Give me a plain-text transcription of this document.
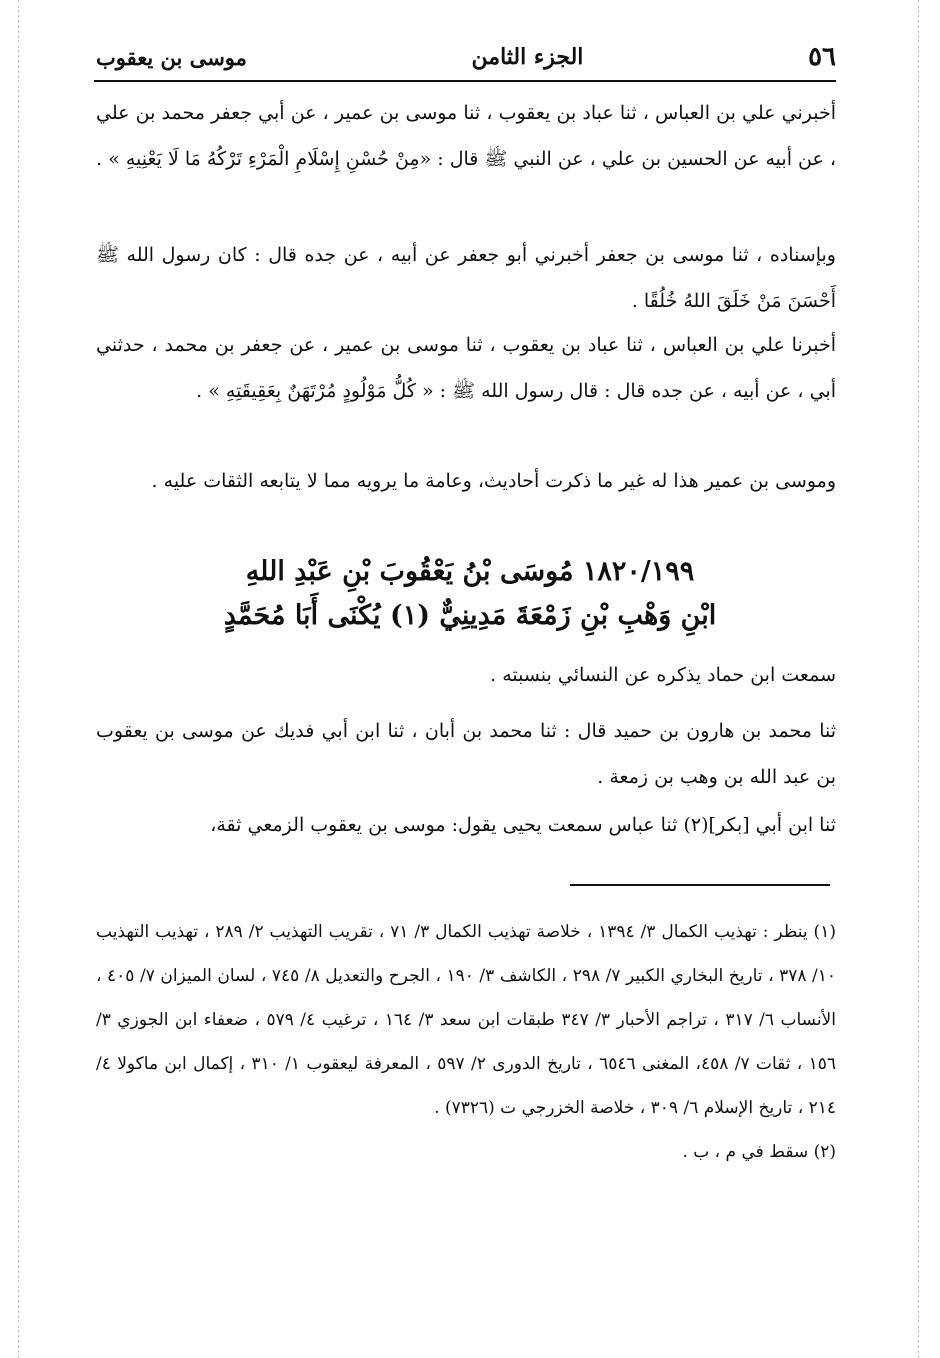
٥٦
الجزء الثامن
موسى بن يعقوب

أخبرني علي بن العباس ، ثنا عباد بن يعقوب ، ثنا موسى بن عمير ، عن أبي جعفر محمد بن علي ، عن أبيه عن الحسين بن علي ، عن النبي ﷺ قال : «مِنْ حُسْنِ إِسْلَامِ الْمَرْءِ تَرْكُهُ مَا لَا يَعْنِيهِ » .

وبإسناده ، ثنا موسى بن جعفر أخبرني أبو جعفر عن أبيه ، عن جده قال : كان رسول الله ﷺ أَحْسَنَ مَنْ خَلَقَ اللهُ خُلُقًا .

أخبرنا علي بن العباس ، ثنا عباد بن يعقوب ، ثنا موسى بن عمير ، عن جعفر بن محمد ، حدثني أبي ، عن أبيه ، عن جده قال : قال رسول الله ﷺ : « كُلُّ مَوْلُودٍ مُرْتَهَنٌ بِعَقِيقَتِهِ » .

وموسى بن عمير هذا له غير ما ذكرت أحاديث، وعامة ما يرويه مما لا يتابعه الثقات عليه .

١٨٢٠/١٩٩ مُوسَى بْنُ يَعْقُوبَ بْنِ عَبْدِ اللهِ
ابْنِ وَهْبِ بْنِ زَمْعَةَ مَدِينِيٌّ (١) يُكْنَى أَبَا مُحَمَّدٍ

سمعت ابن حماد يذكره عن النسائي بنسبته .

ثنا محمد بن هارون بن حميد قال : ثنا محمد بن أبان ، ثنا ابن أبي فديك عن موسى بن يعقوب بن عبد الله بن وهب بن زمعة .

ثنا ابن أبي [بكر](٢) ثنا عباس سمعت يحيى يقول: موسى بن يعقوب الزمعي ثقة،

(١) ينظر : تهذيب الكمال ٣/ ١٣٩٤ ، خلاصة تهذيب الكمال ٣/ ٧١ ، تقريب التهذيب ٢/ ٢٨٩ ، تهذيب التهذيب ١٠/ ٣٧٨ ، تاريخ البخاري الكبير ٧/ ٢٩٨ ، الكاشف ٣/ ١٩٠ ، الجرح والتعديل ٨/ ٧٤٥ ، لسان الميزان ٧/ ٤٠٥ ، الأنساب ٦/ ٣١٧ ، تراجم الأحبار ٣/ ٣٤٧ طبقات ابن سعد ٣/ ١٦٤ ، ترغيب ٤/ ٥٧٩ ، ضعفاء ابن الجوزي ٣/ ١٥٦ ، ثقات ٧/ ٤٥٨، المغنى ٦٥٤٦ ، تاريخ الدورى ٢/ ٥٩٧ ، المعرفة ليعقوب ١/ ٣١٠ ، إكمال ابن ماكولا ٤/ ٢١٤ ، تاريخ الإسلام ٦/ ٣٠٩ ، خلاصة الخزرجي ت (٧٣٢٦) .

(٢) سقط في م ، ب .
